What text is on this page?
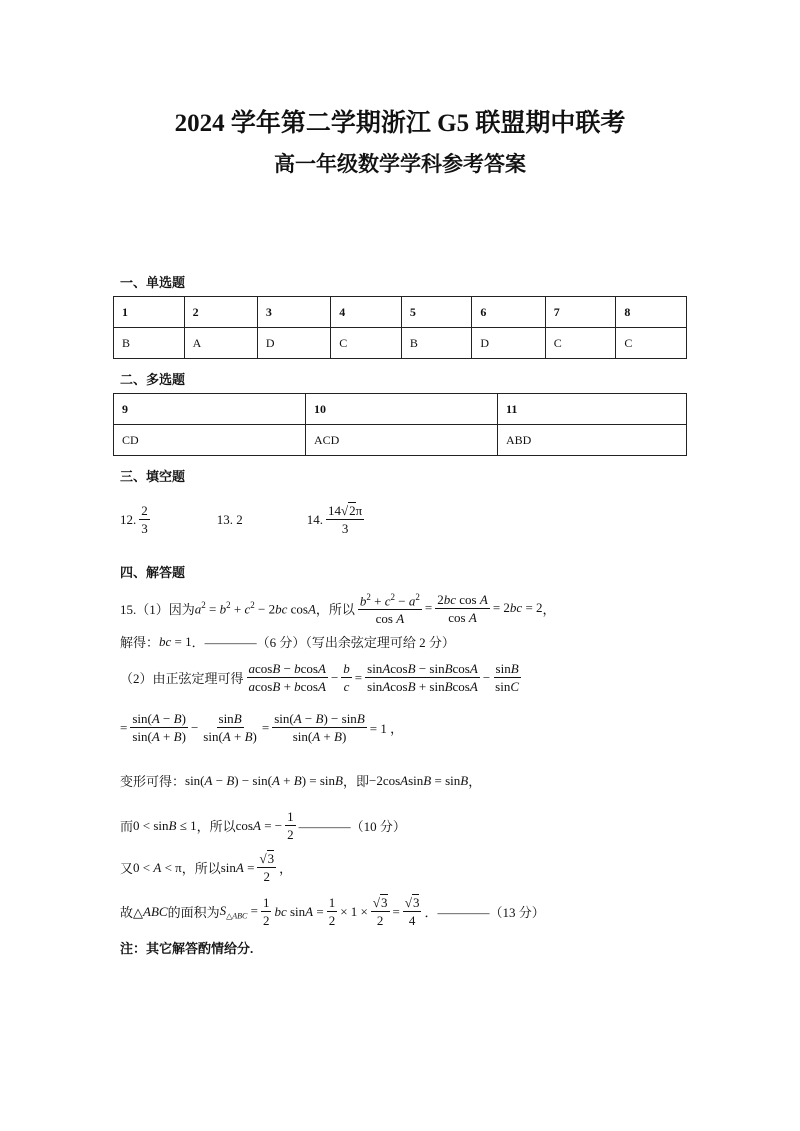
2024 学年第二学期浙江 G5 联盟期中联考
高一年级数学学科参考答案
一、单选题
1	2	3	4	5	6	7	8
B	A	D	C	B	D	C	C
二、多选题
9	10	11
CD	ACD	ABD
三、填空题
12. $\frac{2}{3}$	13. 2	14. $\frac{14√2\pi}{3}$
四、解答题
15.（1）因为 $a^2 = b^2 + c^2 - 2bc$ cosA ，所以 $\frac{b^2 + c^2 - a^2}{\text{cos A}} = \frac{\text{2bc cos A}}{\text{cos A}} = 2bc = 2$ ，
解得： bc = 1 ．————（6 分）（写出余弦定理可给 2 分）
（2）由正弦定理可得 $\frac{acosB - bcosA}{acosB + bcosA} - \frac{b}{c} = \frac{\text{sinAcosB − sinBcosA}}{\text{sinAcosB + sinBcosA}} - \frac{\sin B}{\sin C}$
= $\frac{\sin(A - B)}{\sin(A + B)} - \frac{\sin B}{\sin(A + B)} = \frac{\sin(A - B) - \sin B}{\sin(A + B)} = 1$ ，
变形可得： sin(A − B) − sin(A + B) = sinB ，即 −2cosAsinB = sinB ，
而 0 < sinB ≤ 1 ，所以 cosA = − $\frac{1}{2}$ ————（10 分）
又 0 < A < π ，所以 $\sin A = \frac{√3}{2}$ ，
故△ ABC 的面积为 $S_{\triangle ABC} = \frac{1}{2}$ bc $\sin A = \frac{1}{2} \times 1 \times \frac{√3}{2} = \frac{√3}{4}$ ．————（13 分）
注：其它解答酌情给分.
